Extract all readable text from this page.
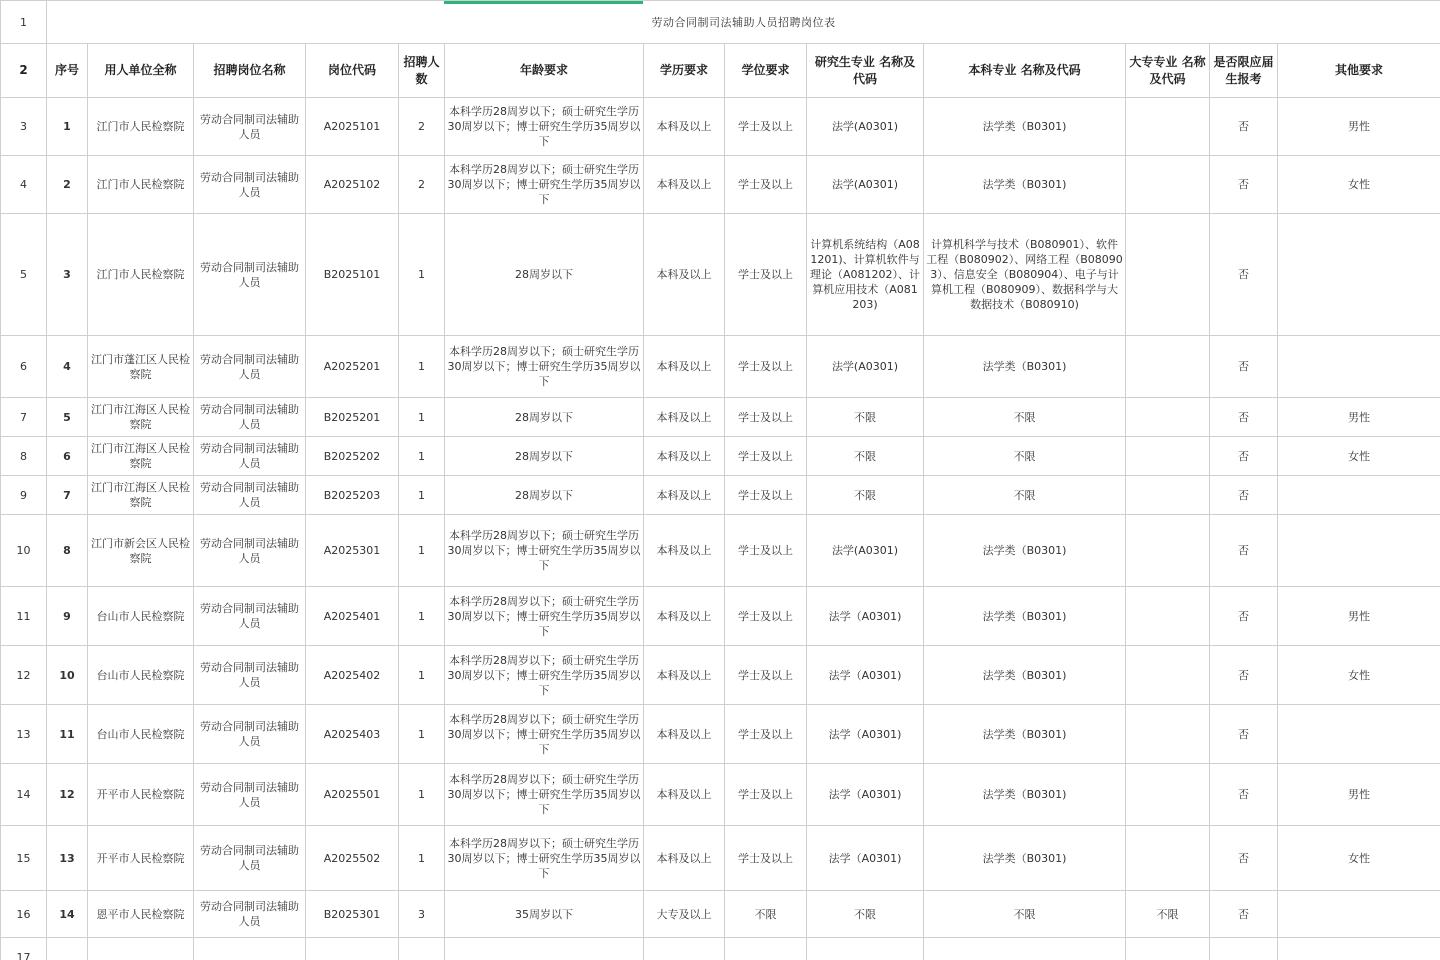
1	劳动合同制司法辅助人员招聘岗位表												
2	序号	用人单位全称	招聘岗位名称	岗位代码	招聘人数	年龄要求	学历要求	学位要求	研究生专业 名称及代码	本科专业 名称及代码	大专专业 名称及代码	是否限应届生报考	其他要求
3	1	江门市人民检察院	劳动合同制司法辅助人员	A2025101	2	本科学历28周岁以下；硕士研究生学历30周岁以下；博士研究生学历35周岁以下	本科及以上	学士及以上	法学(A0301)	法学类（B0301)		否	男性
4	2	江门市人民检察院	劳动合同制司法辅助人员	A2025102	2	本科学历28周岁以下；硕士研究生学历30周岁以下；博士研究生学历35周岁以下	本科及以上	学士及以上	法学(A0301)	法学类（B0301)		否	女性
5	3	江门市人民检察院	劳动合同制司法辅助人员	B2025101	1	28周岁以下	本科及以上	学士及以上	计算机系统结构（A081201)、计算机软件与理论（A081202）、计算机应用技术（A081203)	计算机科学与技术（B080901）、软件工程（B080902）、网络工程（B080903）、信息安全（B080904）、电子与计算机工程（B080909）、数据科学与大数据技术（B080910)		否	
6	4	江门市蓬江区人民检察院	劳动合同制司法辅助人员	A2025201	1	本科学历28周岁以下；硕士研究生学历30周岁以下；博士研究生学历35周岁以下	本科及以上	学士及以上	法学(A0301)	法学类（B0301)		否	
7	5	江门市江海区人民检察院	劳动合同制司法辅助人员	B2025201	1	28周岁以下	本科及以上	学士及以上	不限	不限		否	男性
8	6	江门市江海区人民检察院	劳动合同制司法辅助人员	B2025202	1	28周岁以下	本科及以上	学士及以上	不限	不限		否	女性
9	7	江门市江海区人民检察院	劳动合同制司法辅助人员	B2025203	1	28周岁以下	本科及以上	学士及以上	不限	不限		否	
10	8	江门市新会区人民检察院	劳动合同制司法辅助人员	A2025301	1	本科学历28周岁以下；硕士研究生学历30周岁以下；博士研究生学历35周岁以下	本科及以上	学士及以上	法学(A0301)	法学类（B0301)		否	
11	9	台山市人民检察院	劳动合同制司法辅助人员	A2025401	1	本科学历28周岁以下；硕士研究生学历30周岁以下；博士研究生学历35周岁以下	本科及以上	学士及以上	法学（A0301)	法学类（B0301)		否	男性
12	10	台山市人民检察院	劳动合同制司法辅助人员	A2025402	1	本科学历28周岁以下；硕士研究生学历30周岁以下；博士研究生学历35周岁以下	本科及以上	学士及以上	法学（A0301)	法学类（B0301)		否	女性
13	11	台山市人民检察院	劳动合同制司法辅助人员	A2025403	1	本科学历28周岁以下；硕士研究生学历30周岁以下；博士研究生学历35周岁以下	本科及以上	学士及以上	法学（A0301)	法学类（B0301)		否	
14	12	开平市人民检察院	劳动合同制司法辅助人员	A2025501	1	本科学历28周岁以下；硕士研究生学历30周岁以下；博士研究生学历35周岁以下	本科及以上	学士及以上	法学（A0301)	法学类（B0301)		否	男性
15	13	开平市人民检察院	劳动合同制司法辅助人员	A2025502	1	本科学历28周岁以下；硕士研究生学历30周岁以下；博士研究生学历35周岁以下	本科及以上	学士及以上	法学（A0301)	法学类（B0301)		否	女性
16	14	恩平市人民检察院	劳动合同制司法辅助人员	B2025301	3	35周岁以下	大专及以上	不限	不限	不限	不限	否	
17													
